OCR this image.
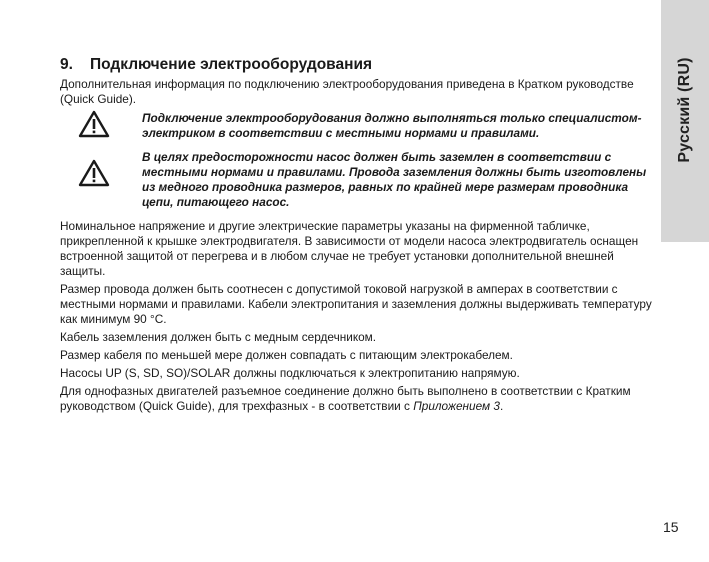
Русский (RU)
9. Подключение электрооборудования

Дополнительная информация по подключению электрооборудования приведена в Кратком руководстве (Quick Guide).

Подключение электрооборудования должно выполняться только специалистом-электриком в соответствии с местными нормами и правилами.
В целях предосторожности насос должен быть заземлен в соответствии с местными нормами и правилами. Провода заземления должны быть изготовлены из медного проводника размеров, равных по крайней мере размерам проводника цепи, питающего насос.

Номинальное напряжение и другие электрические параметры указаны на фирменной табличке, прикрепленной к крышке электродвигателя. В зависимости от модели насоса электродвигатель оснащен встроенной защитой от перегрева и в любом случае не требует установки дополнительной внешней защиты.

Размер провода должен быть соотнесен с допустимой токовой нагрузкой в амперах в соответствии с местными нормами и правилами. Кабели электропитания и заземления должны выдерживать температуру как минимум 90 °C.

Кабель заземления должен быть с медным сердечником.

Размер кабеля по меньшей мере должен совпадать с питающим электрокабелем.

Насосы UP (S, SD, SO)/SOLAR должны подключаться к электропитанию напрямую.

Для однофазных двигателей разъемное соединение должно быть выполнено в соответствии с Кратким руководством (Quick Guide), для трехфазных - в соответствии с Приложением 3.

15
